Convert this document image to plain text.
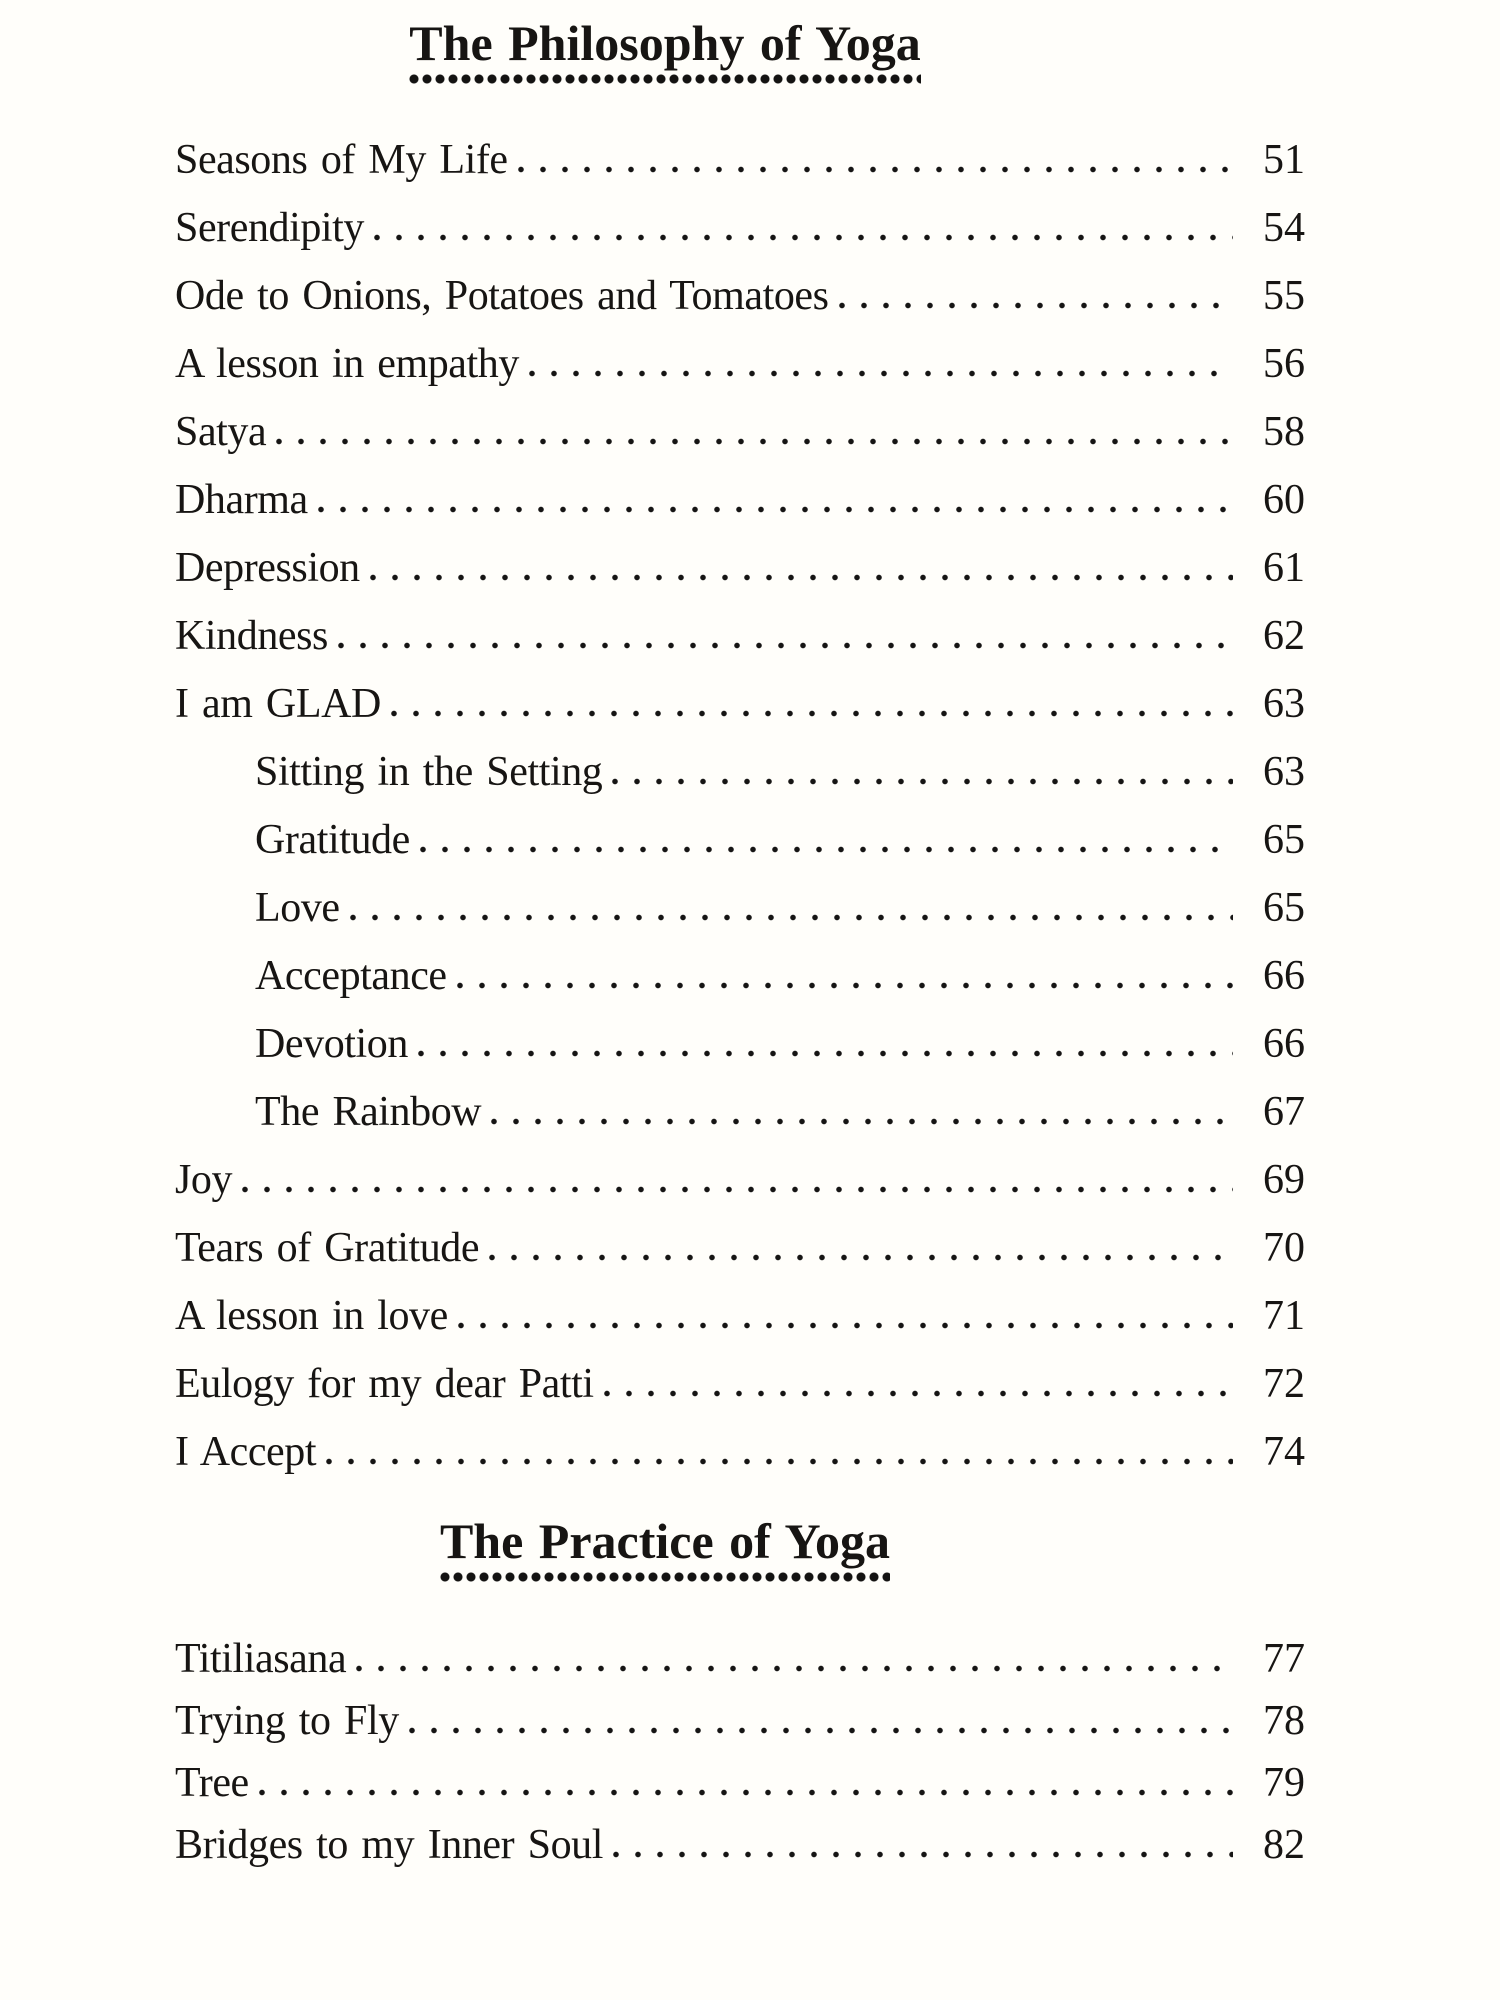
The Philosophy of Yoga
Seasons of My Life	51
Serendipity	54
Ode to Onions, Potatoes and Tomatoes	55
A lesson in empathy	56
Satya	58
Dharma	60
Depression	61
Kindness	62
I am GLAD	63
Sitting in the Setting	63
Gratitude	65
Love	65
Acceptance	66
Devotion	66
The Rainbow	67
Joy	69
Tears of Gratitude	70
A lesson in love	71
Eulogy for my dear Patti	72
I Accept	74
The Practice of Yoga
Titiliasana	77
Trying to Fly	78
Tree	79
Bridges to my Inner Soul	82
